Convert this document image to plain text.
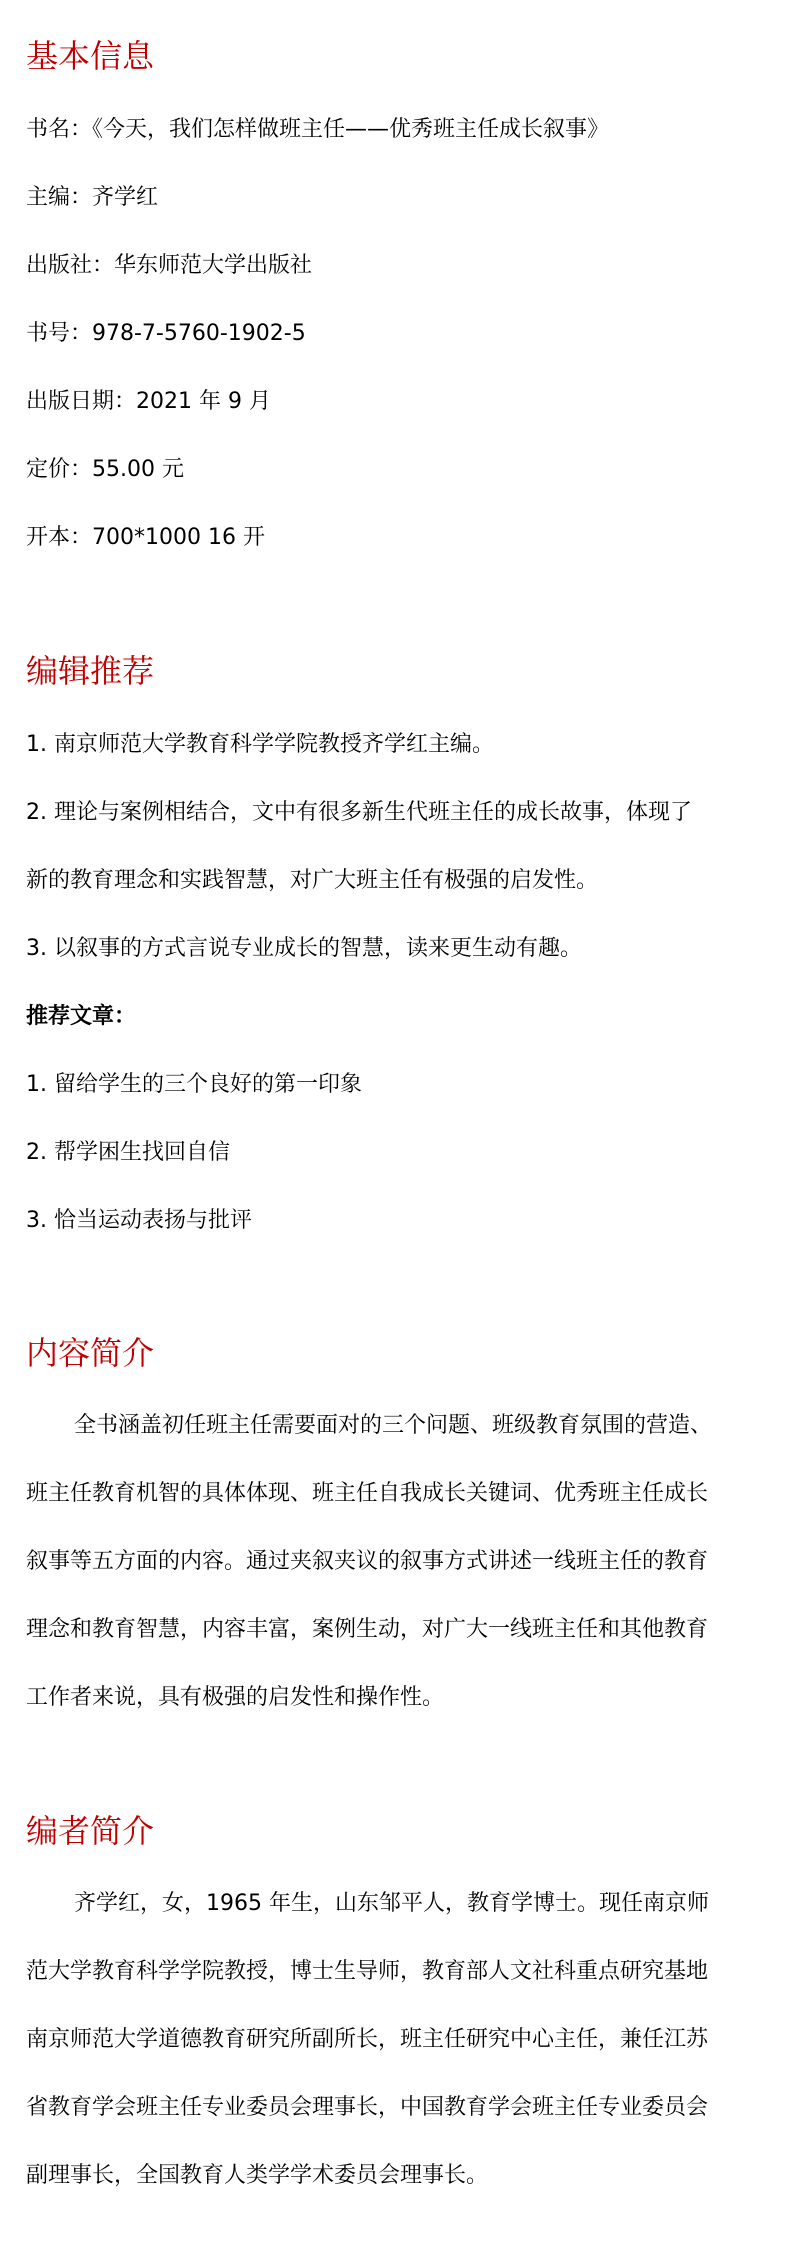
基本信息

书名：《今天，我们怎样做班主任——优秀班主任成长叙事》

主编：齐学红

出版社：华东师范大学出版社

书号：978-7-5760-1902-5

出版日期：2021 年 9 月

定价：55.00 元

开本：700*1000 16 开

编辑推荐

1. 南京师范大学教育科学学院教授齐学红主编。

2. 理论与案例相结合，文中有很多新生代班主任的成长故事，体现了

新的教育理念和实践智慧，对广大班主任有极强的启发性。

3. 以叙事的方式言说专业成长的智慧，读来更生动有趣。

推荐文章：

1. 留给学生的三个良好的第一印象

2. 帮学困生找回自信

3. 恰当运动表扬与批评

内容简介

全书涵盖初任班主任需要面对的三个问题、班级教育氛围的营造、

班主任教育机智的具体体现、班主任自我成长关键词、优秀班主任成长

叙事等五方面的内容。通过夹叙夹议的叙事方式讲述一线班主任的教育

理念和教育智慧，内容丰富，案例生动，对广大一线班主任和其他教育

工作者来说，具有极强的启发性和操作性。

编者简介

齐学红，女，1965 年生，山东邹平人，教育学博士。现任南京师

范大学教育科学学院教授，博士生导师，教育部人文社科重点研究基地

南京师范大学道德教育研究所副所长，班主任研究中心主任，兼任江苏

省教育学会班主任专业委员会理事长，中国教育学会班主任专业委员会

副理事长，全国教育人类学学术委员会理事长。
